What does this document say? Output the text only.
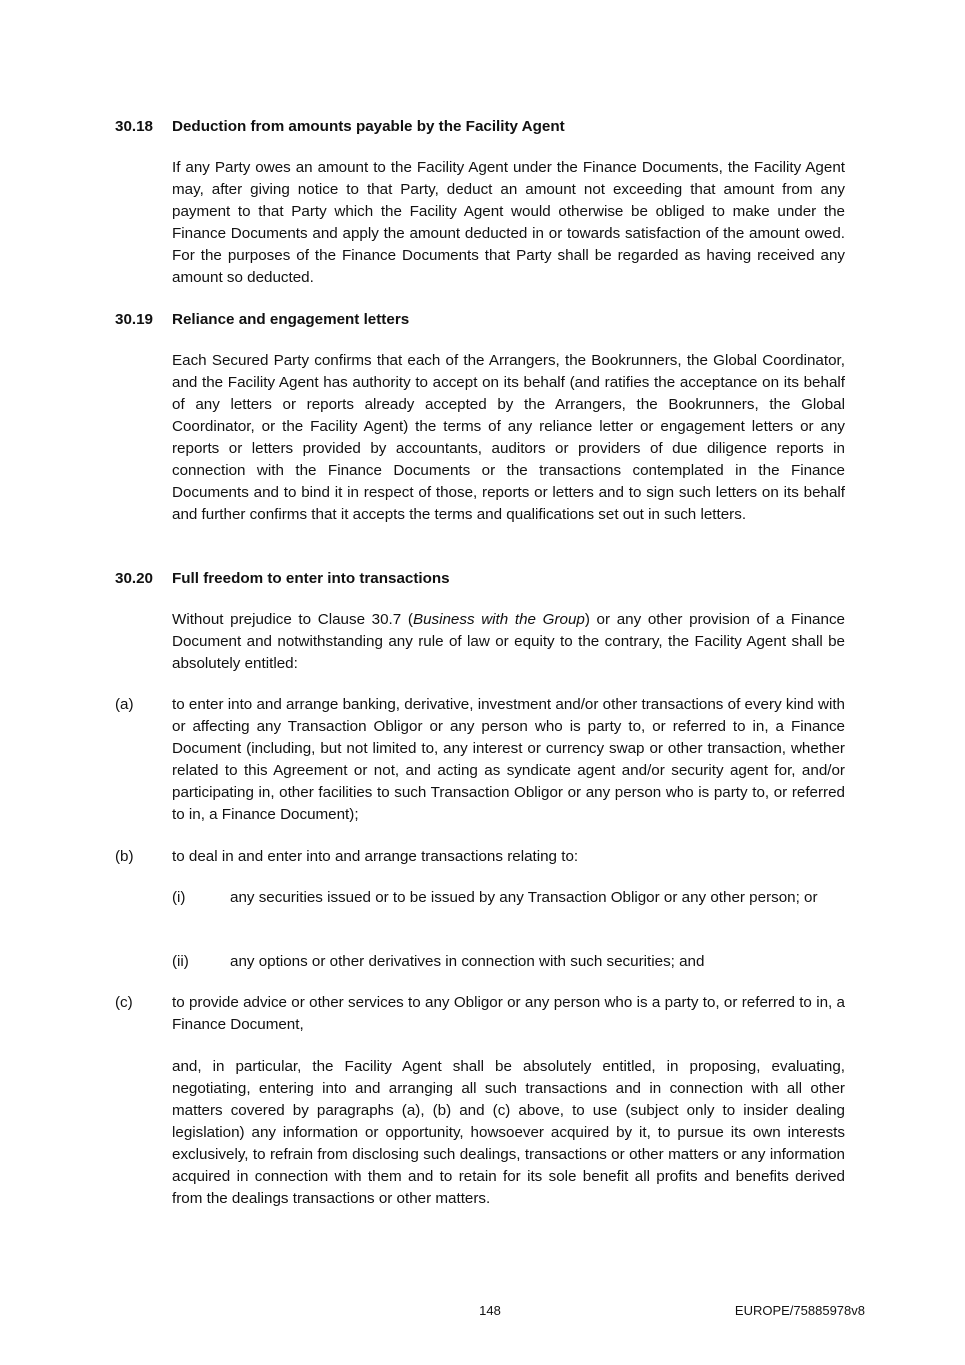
30.18 Deduction from amounts payable by the Facility Agent
If any Party owes an amount to the Facility Agent under the Finance Documents, the Facility Agent may, after giving notice to that Party, deduct an amount not exceeding that amount from any payment to that Party which the Facility Agent would otherwise be obliged to make under the Finance Documents and apply the amount deducted in or towards satisfaction of the amount owed. For the purposes of the Finance Documents that Party shall be regarded as having received any amount so deducted.
30.19 Reliance and engagement letters
Each Secured Party confirms that each of the Arrangers, the Bookrunners, the Global Coordinator, and the Facility Agent has authority to accept on its behalf (and ratifies the acceptance on its behalf of any letters or reports already accepted by the Arrangers, the Bookrunners, the Global Coordinator, or the Facility Agent) the terms of any reliance letter or engagement letters or any reports or letters provided by accountants, auditors or providers of due diligence reports in connection with the Finance Documents or the transactions contemplated in the Finance Documents and to bind it in respect of those, reports or letters and to sign such letters on its behalf and further confirms that it accepts the terms and qualifications set out in such letters.
30.20 Full freedom to enter into transactions
Without prejudice to Clause 30.7 (Business with the Group) or any other provision of a Finance Document and notwithstanding any rule of law or equity to the contrary, the Facility Agent shall be absolutely entitled:
(a)	to enter into and arrange banking, derivative, investment and/or other transactions of every kind with or affecting any Transaction Obligor or any person who is party to, or referred to in, a Finance Document (including, but not limited to, any interest or currency swap or other transaction, whether related to this Agreement or not, and acting as syndicate agent and/or security agent for, and/or participating in, other facilities to such Transaction Obligor or any person who is party to, or referred to in, a Finance Document);
(b)	to deal in and enter into and arrange transactions relating to:
(i)	any securities issued or to be issued by any Transaction Obligor or any other person; or
(ii)	any options or other derivatives in connection with such securities; and
(c)	to provide advice or other services to any Obligor or any person who is a party to, or referred to in, a Finance Document,
and, in particular, the Facility Agent shall be absolutely entitled, in proposing, evaluating, negotiating, entering into and arranging all such transactions and in connection with all other matters covered by paragraphs (a), (b) and (c) above, to use (subject only to insider dealing legislation) any information or opportunity, howsoever acquired by it, to pursue its own interests exclusively, to refrain from disclosing such dealings, transactions or other matters or any information acquired in connection with them and to retain for its sole benefit all profits and benefits derived from the dealings transactions or other matters.
148	EUROPE/75885978v8
